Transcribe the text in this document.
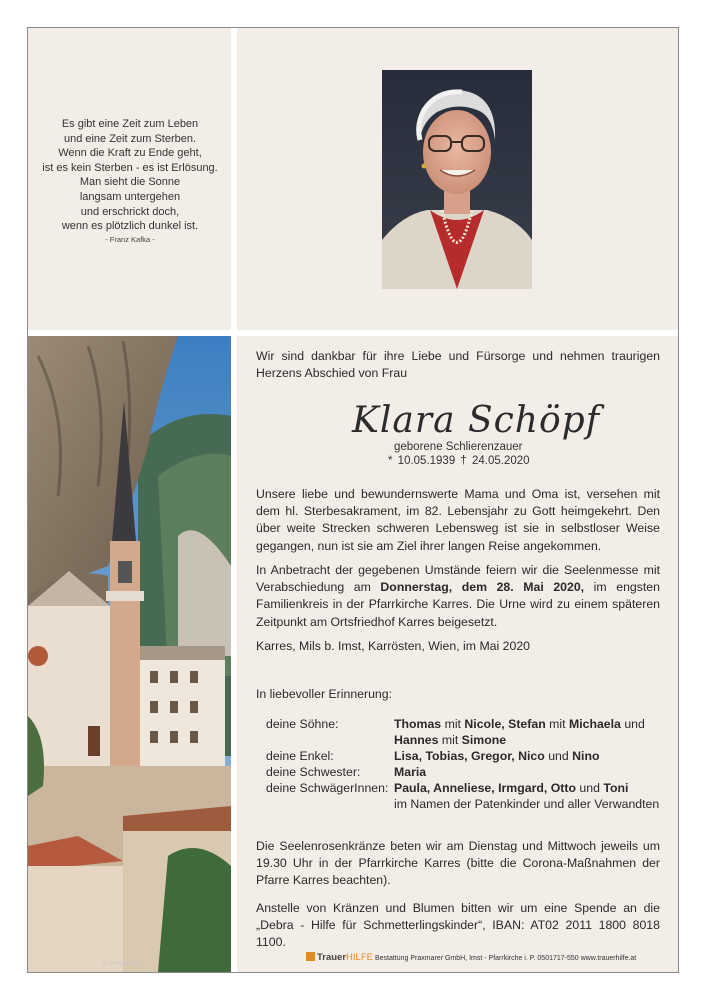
Es gibt eine Zeit zum Leben
und eine Zeit zum Sterben.
Wenn die Kraft zu Ende geht,
ist es kein Sterben - es ist Erlösung.
Man sieht die Sonne
langsam untergehen
und erschrickt doch,
wenn es plötzlich dunkel ist.
- Franz Kafka -
Wir sind dankbar für ihre Liebe und Fürsorge und nehmen traurigen Herzens Abschied von Frau
Klara Schöpf
geborene Schlierenzauer
* 10.05.1939 † 24.05.2020
Unsere liebe und bewundernswerte Mama und Oma ist, versehen mit dem hl. Sterbesakrament, im 82. Lebensjahr zu Gott heimgekehrt. Den über weite Strecken schweren Lebensweg ist sie in selbstloser Weise gegangen, nun ist sie am Ziel ihrer langen Reise angekommen.
In Anbetracht der gegebenen Umstände feiern wir die Seelenmesse mit Verabschiedung am Donnerstag, dem 28. Mai 2020, im engsten Familienkreis in der Pfarrkirche Karres. Die Urne wird zu einem späteren Zeitpunkt am Ortsfriedhof Karres beigesetzt.
Karres, Mils b. Imst, Karrösten, Wien, im Mai 2020
In liebevoller Erinnerung:
deine Söhne:	Thomas mit Nicole, Stefan mit Michaela und
Hannes mit Simone
deine Enkel:	Lisa, Tobias, Gregor, Nico und Nino
deine Schwester:	Maria
deine SchwägerInnen: Paula, Anneliese, Irmgard, Otto und Toni
im Namen der Patenkinder und aller Verwandten
Die Seelenrosenkränze beten wir am Dienstag und Mittwoch jeweils um 19.30 Uhr in der Pfarrkirche Karres (bitte die Corona-Maßnahmen der Pfarre Karres beachten).
Anstelle von Kränzen und Blumen bitten wir um eine Spende an die „Debra - Hilfe für Schmetterlingskinder“, IBAN: AT02 2011 1800 8018 1100.
TrauerHILFE Bestattung Praxmarer GmbH, Imst - Pfarrkirche i. P. 0501717-550 www.trauerhilfe.at
© shutterstock
